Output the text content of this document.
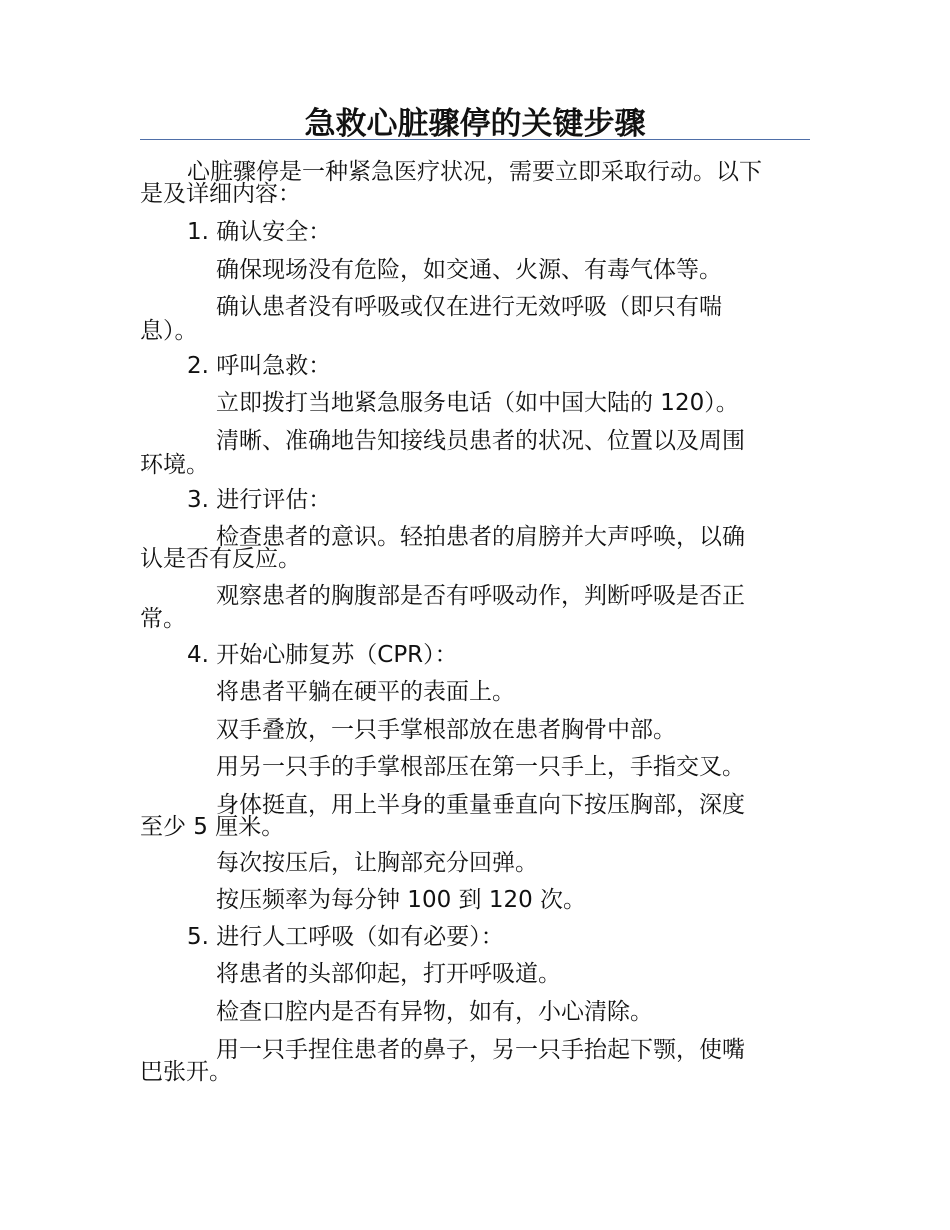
急救心脏骤停的关键步骤
心脏骤停是一种紧急医疗状况，需要立即采取行动。以下
是及详细内容：
1. 确认安全：
确保现场没有危险，如交通、火源、有毒气体等。
确认患者没有呼吸或仅在进行无效呼吸（即只有喘
息）。
2. 呼叫急救：
立即拨打当地紧急服务电话（如中国大陆的 120）。
清晰、准确地告知接线员患者的状况、位置以及周围
环境。
3. 进行评估：
检查患者的意识。轻拍患者的肩膀并大声呼唤，以确
认是否有反应。
观察患者的胸腹部是否有呼吸动作，判断呼吸是否正
常。
4. 开始心肺复苏（CPR）：
将患者平躺在硬平的表面上。
双手叠放，一只手掌根部放在患者胸骨中部。
用另一只手的手掌根部压在第一只手上，手指交叉。
身体挺直，用上半身的重量垂直向下按压胸部，深度
至少 5 厘米。
每次按压后，让胸部充分回弹。
按压频率为每分钟 100 到 120 次。
5. 进行人工呼吸（如有必要）：
将患者的头部仰起，打开呼吸道。
检查口腔内是否有异物，如有，小心清除。
用一只手捏住患者的鼻子，另一只手抬起下颚，使嘴
巴张开。
